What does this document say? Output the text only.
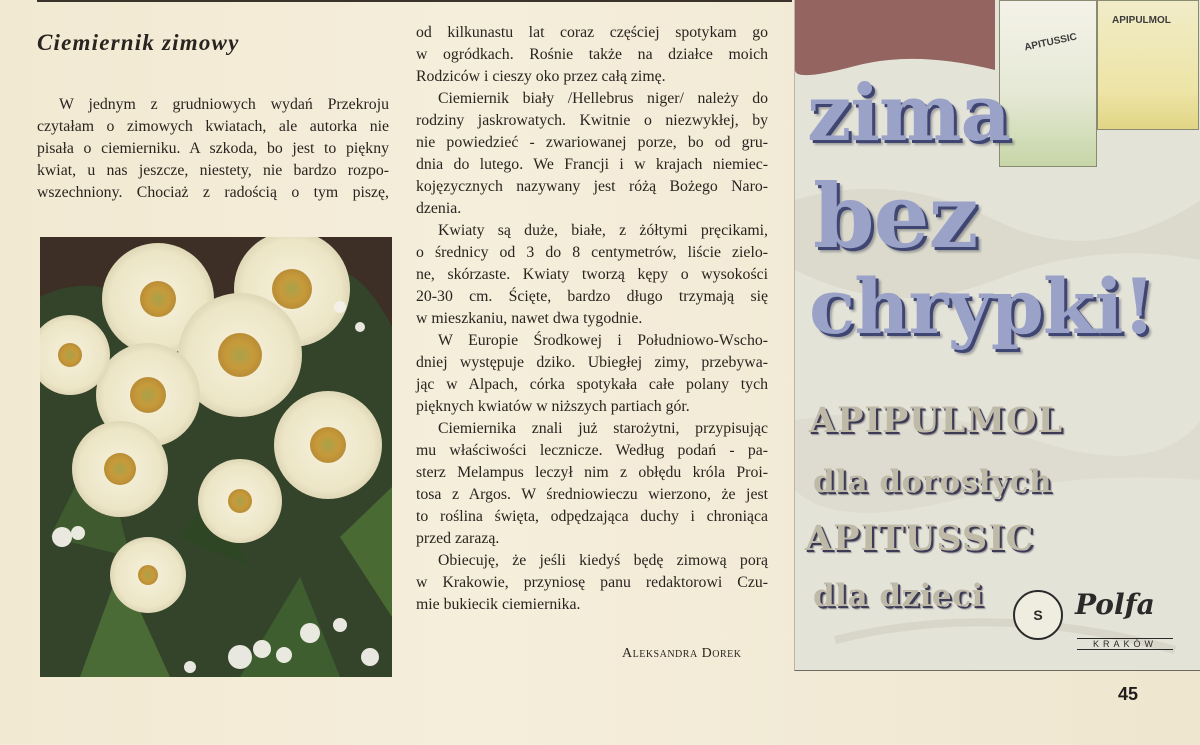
Ciemiernik zimowy
W jednym z grudniowych wydań Przekroju
czytałam o zimowych kwiatach, ale autorka nie
pisała o ciemierniku. A szkoda, bo jest to piękny
kwiat, u nas jeszcze, niestety, nie bardzo rozpo-
wszechniony. Chociaż z radością o tym piszę,
od kilkunastu lat coraz częściej spotykam go
w ogródkach. Rośnie także na działce moich
Rodziców i cieszy oko przez całą zimę.
Ciemiernik biały /Hellebrus niger/ należy do
rodziny jaskrowatych. Kwitnie o niezwykłej, by
nie powiedzieć - zwariowanej porze, bo od gru-
dnia do lutego. We Francji i w krajach niemiec-
kojęzycznych nazywany jest różą Bożego Naro-
dzenia.
Kwiaty są duże, białe, z żółtymi pręcikami,
o średnicy od 3 do 8 centymetrów, liście zielo-
ne, skórzaste. Kwiaty tworzą kępy o wysokości
20-30 cm. Ścięte, bardzo długo trzymają się
w mieszkaniu, nawet dwa tygodnie.
W Europie Środkowej i Południowo-Wscho-
dniej występuje dziko. Ubiegłej zimy, przebywa-
jąc w Alpach, córka spotykała całe polany tych
pięknych kwiatów w niższych partiach gór.
Ciemiernika znali już starożytni, przypisując
mu właściwości lecznicze. Według podań - pa-
sterz Melampus leczył nim z obłędu króla Proi-
tosa z Argos. W średniowieczu wierzono, że jest
to roślina święta, odpędzająca duchy i chroniąca
przed zarazą.
Obiecuję, że jeśli kiedyś będę zimową porą
w Krakowie, przyniosę panu redaktorowi Czu-
mie bukiecik ciemiernika.
Aleksandra Dorek
APITUSSIC
APIPULMOL
zima
bez
chrypki!
APIPULMOL
dla dorosłych
APITUSSIC
dla dzieci
S Polfa
KRAKÓW
45
